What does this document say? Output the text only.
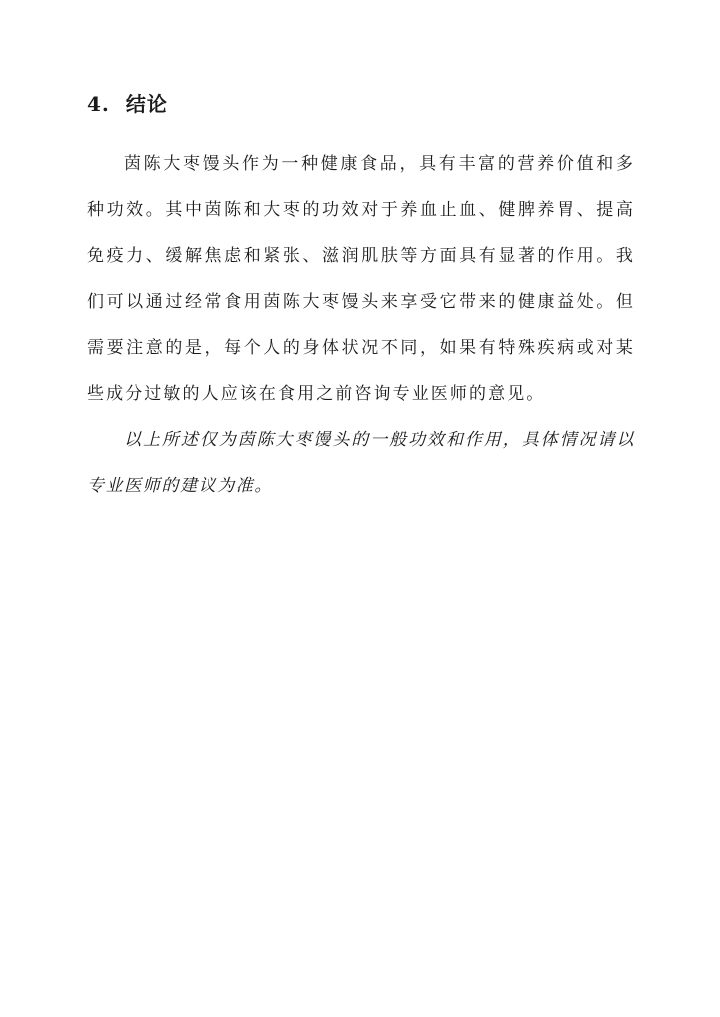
4. 结论

茵陈大枣馒头作为一种健康食品，具有丰富的营养价值和多种功效。其中茵陈和大枣的功效对于养血止血、健脾养胃、提高免疫力、缓解焦虑和紧张、滋润肌肤等方面具有显著的作用。我们可以通过经常食用茵陈大枣馒头来享受它带来的健康益处。但需要注意的是，每个人的身体状况不同，如果有特殊疾病或对某些成分过敏的人应该在食用之前咨询专业医师的意见。

以上所述仅为茵陈大枣馒头的一般功效和作用，具体情况请以专业医师的建议为准。
